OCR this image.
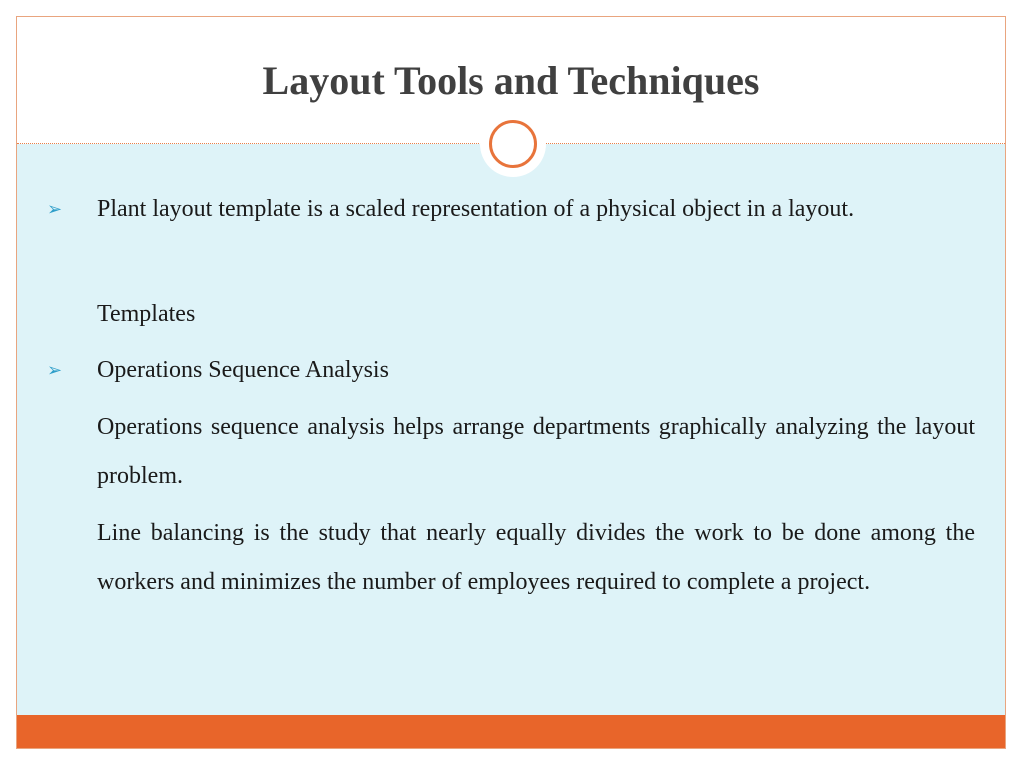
Layout Tools and Techniques
➢ Plant layout template is a scaled representation of a physical object in a layout.

Templates

➢ Operations Sequence Analysis

Operations sequence analysis helps arrange departments graphically analyzing the layout problem.

Line balancing is the study that nearly equally divides the work to be done among the workers and minimizes the number of employees required to complete a project.
